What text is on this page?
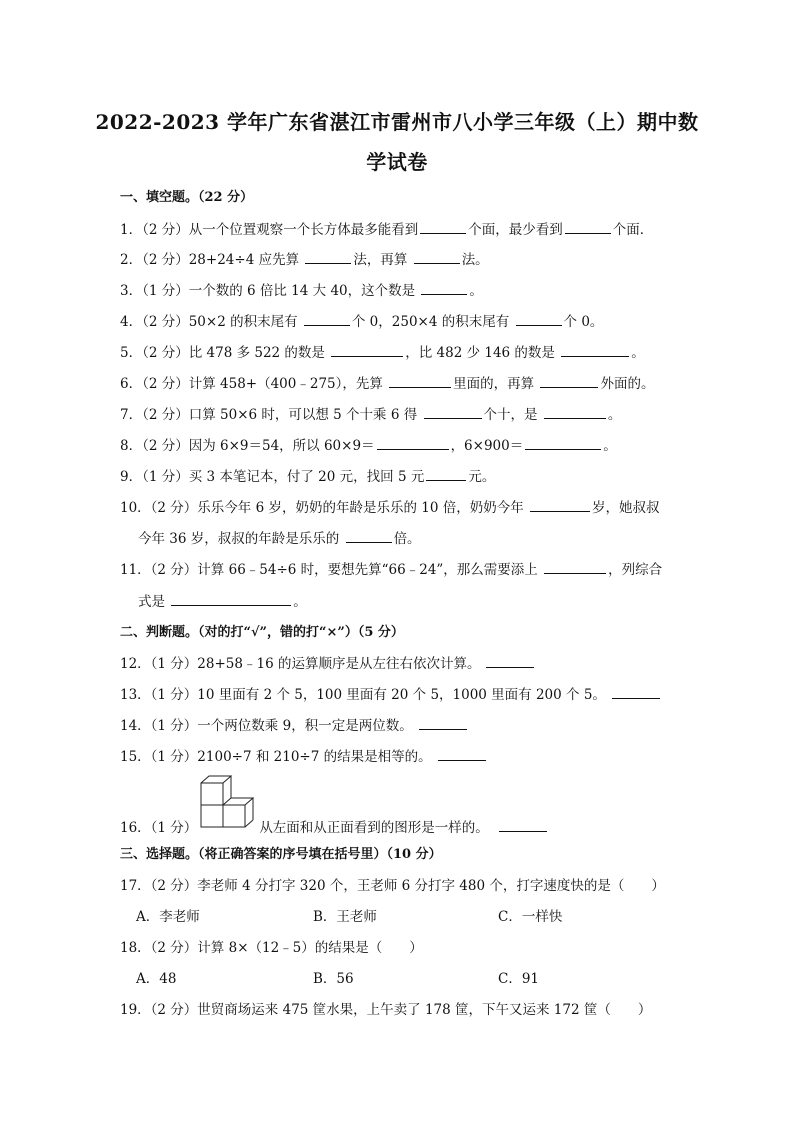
2022-2023 学年广东省湛江市雷州市八小学三年级（上）期中数
学试卷
一、填空题。（22 分）
1．（2 分）从一个位置观察一个长方体最多能看到	个面，最少看到	个面．
2．（2 分）28+24÷4 应先算	法，再算	法。
3．（1 分）一个数的 6 倍比 14 大 40，这个数是	。
4．（2 分）50×2 的积末尾有	个 0，250×4 的积末尾有	个 0。
5．（2 分）比 478 多 522 的数是	，比 482 少 146 的数是	。
6．（2 分）计算 458+（400﹣275），先算	里面的，再算	外面的。
7．（2 分）口算 50×6 时，可以想 5 个十乘 6 得	个十，是	。
8．（2 分）因为 6×9＝54，所以 60×9＝	，6×900＝	。
9．（1 分）买 3 本笔记本，付了 20 元，找回 5 元	元。
10．（2 分）乐乐今年 6 岁，奶奶的年龄是乐乐的 10 倍，奶奶今年	岁，她叔叔
今年 36 岁，叔叔的年龄是乐乐的	倍。
11．（2 分）计算 66﹣54÷6 时，要想先算“66﹣24”，那么需要添上	，列综合
式是	。
二、判断题。（对的打“√”，错的打“×”）（5 分）
12．（1 分）28+58﹣16 的运算顺序是从左往右依次计算。
13．（1 分）10 里面有 2 个 5，100 里面有 20 个 5，1000 里面有 200 个 5。
14．（1 分）一个两位数乘 9，积一定是两位数。
15．（1 分）2100÷7 和 210÷7 的结果是相等的。
16．（1 分）	从左面和从正面看到的图形是一样的。
三、选择题。（将正确答案的序号填在括号里）（10 分）
17．（2 分）李老师 4 分打字 320 个，王老师 6 分打字 480 个，打字速度快的是（　　）
A．李老师	B．王老师	C．一样快
18．（2 分）计算 8×（12﹣5）的结果是（　　）
A．48	B．56	C．91
19．（2 分）世贸商场运来 475 筐水果，上午卖了 178 筐，下午又运来 172 筐（　　）
